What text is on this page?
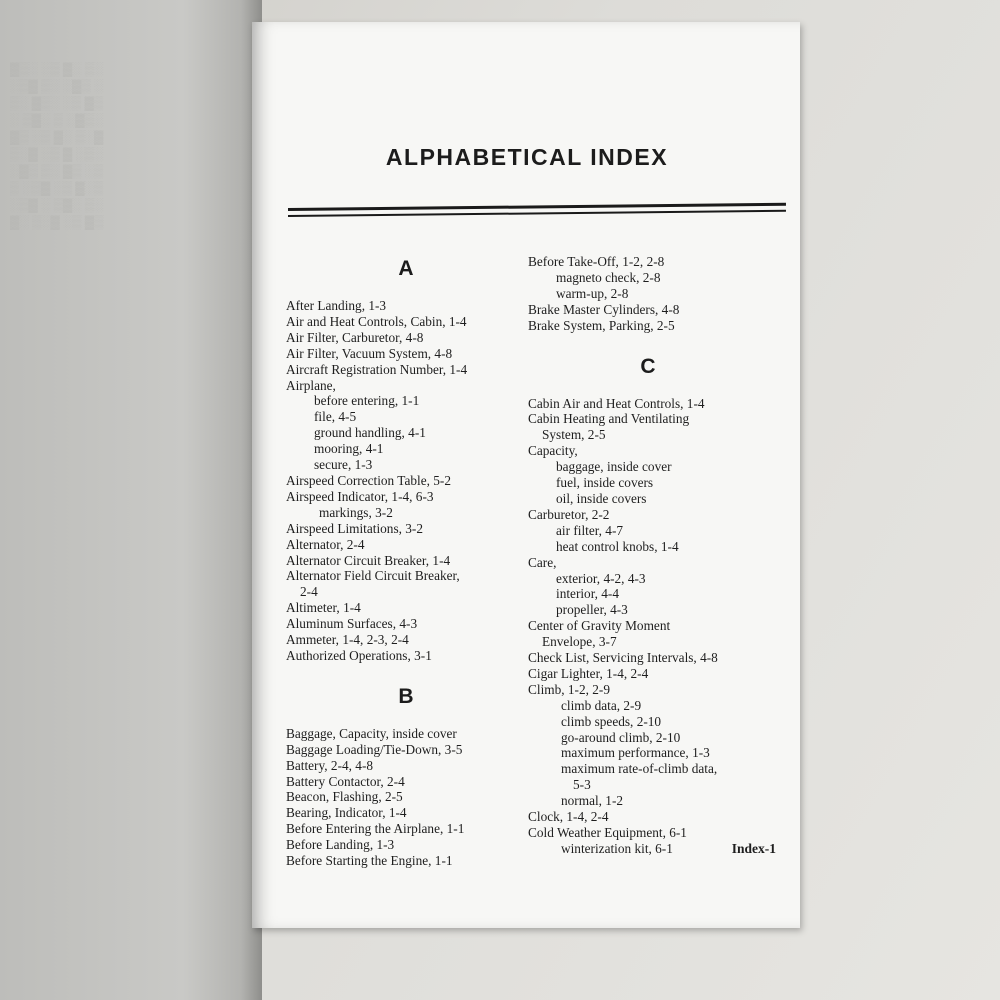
▓▒░ ░▒ ▓░ ▒░
░▒▓ ▒░ ░▓▒ ░
▒░ ▓▒░ ░▒ ▓▒
░ ▒▓░ ▒ ░▓▒░
▓▒ ░▒ ▓░ ▒░▓
▒░▓ ░▒ ▓ ░▒░
░▓▒ ▒░ ▓▒ ░▒
▒ ░▒▓ ░▒ ▓░▒
░▒▓ ░ ▒▓░ ▒░
▓░ ▒░▓ ░▒ ▓▒
ALPHABETICAL INDEX
A
After Landing, 1-3
Air and Heat Controls, Cabin, 1-4
Air Filter, Carburetor, 4-8
Air Filter, Vacuum System, 4-8
Aircraft Registration Number, 1-4
Airplane,
before entering, 1-1
file, 4-5
ground handling, 4-1
mooring, 4-1
secure, 1-3
Airspeed Correction Table, 5-2
Airspeed Indicator, 1-4, 6-3
markings, 3-2
Airspeed Limitations, 3-2
Alternator, 2-4
Alternator Circuit Breaker, 1-4
Alternator Field Circuit Breaker,
2-4
Altimeter, 1-4
Aluminum Surfaces, 4-3
Ammeter, 1-4, 2-3, 2-4
Authorized Operations, 3-1
B
Baggage, Capacity, inside cover
Baggage Loading/Tie-Down, 3-5
Battery, 2-4, 4-8
Battery Contactor, 2-4
Beacon, Flashing, 2-5
Bearing, Indicator, 1-4
Before Entering the Airplane, 1-1
Before Landing, 1-3
Before Starting the Engine, 1-1
Before Take-Off, 1-2, 2-8
magneto check, 2-8
warm-up, 2-8
Brake Master Cylinders, 4-8
Brake System, Parking, 2-5
C
Cabin Air and Heat Controls, 1-4
Cabin Heating and Ventilating
System, 2-5
Capacity,
baggage, inside cover
fuel, inside covers
oil, inside covers
Carburetor, 2-2
air filter, 4-7
heat control knobs, 1-4
Care,
exterior, 4-2, 4-3
interior, 4-4
propeller, 4-3
Center of Gravity Moment
Envelope, 3-7
Check List, Servicing Intervals, 4-8
Cigar Lighter, 1-4, 2-4
Climb, 1-2, 2-9
climb data, 2-9
climb speeds, 2-10
go-around climb, 2-10
maximum performance, 1-3
maximum rate-of-climb data,
5-3
normal, 1-2
Clock, 1-4, 2-4
Cold Weather Equipment, 6-1
winterization kit, 6-1	Index-1
